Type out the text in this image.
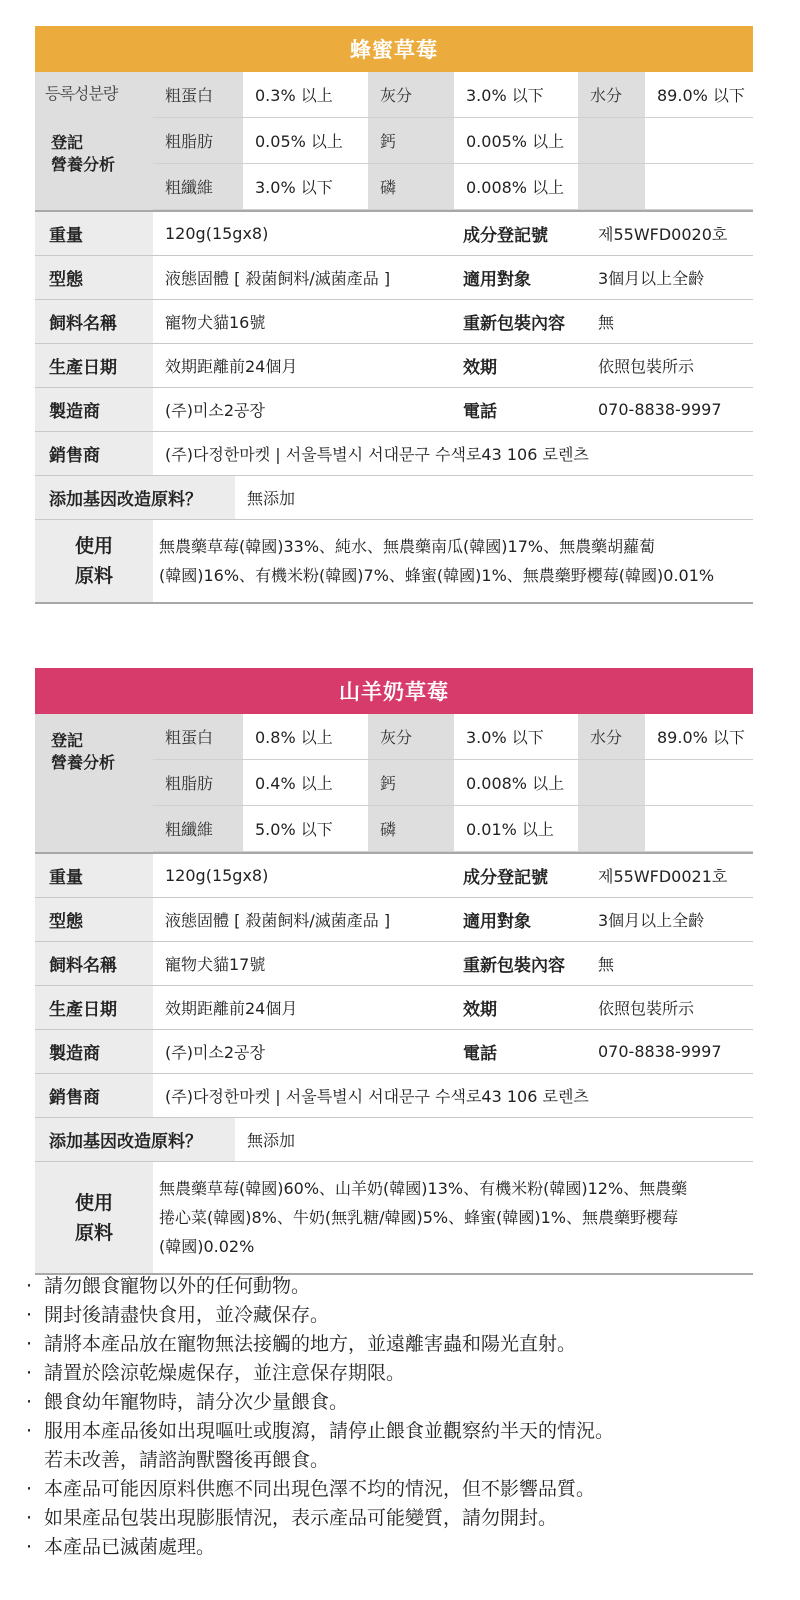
蜂蜜草莓

등록성분량

登記
營養分析

粗蛋白	0.3% 以上	灰分	3.0% 以下	水分	89.0% 以下
粗脂肪	0.05% 以上	鈣	0.005% 以上
粗纖維	3.0% 以下	磷	0.008% 以上
重量	120g(15gx8)	成分登記號	제55WFD0020호
型態	液態固體 [ 殺菌飼料/滅菌產品 ]	適用對象	3個月以上全齡
飼料名稱	寵物犬貓16號	重新包裝內容	無
生產日期	效期距離前24個月	效期	依照包裝所示
製造商	(주)미소2공장	電話	070-8838-9997
銷售商	(주)다정한마켓 | 서울특별시 서대문구 수색로43 106 로렌츠
添加基因改造原料？	無添加
使用
原料
無農藥草莓(韓國)33%、純水、無農藥南瓜(韓國)17%、無農藥胡蘿蔔
(韓國)16%、有機米粉(韓國)7%、蜂蜜(韓國)1%、無農藥野櫻莓(韓國)0.01%
山羊奶草莓
登記
營養分析
粗蛋白	0.8% 以上	灰分	3.0% 以下	水分	89.0% 以下
粗脂肪	0.4% 以上	鈣	0.008% 以上
粗纖維	5.0% 以下	磷	0.01% 以上
重量	120g(15gx8)	成分登記號	제55WFD0021호
型態	液態固體 [ 殺菌飼料/滅菌產品 ]	適用對象	3個月以上全齡
飼料名稱	寵物犬貓17號	重新包裝內容	無
生產日期	效期距離前24個月	效期	依照包裝所示
製造商	(주)미소2공장	電話	070-8838-9997
銷售商	(주)다정한마켓 | 서울특별시 서대문구 수색로43 106 로렌츠
添加基因改造原料？	無添加
使用
原料
無農藥草莓(韓國)60%、山羊奶(韓國)13%、有機米粉(韓國)12%、無農藥
捲心菜(韓國)8%、牛奶(無乳糖/韓國)5%、蜂蜜(韓國)1%、無農藥野櫻莓
(韓國)0.02%
· 請勿餵食寵物以外的任何動物。
· 開封後請盡快食用，並冷藏保存。
· 請將本產品放在寵物無法接觸的地方，並遠離害蟲和陽光直射。
· 請置於陰涼乾燥處保存，並注意保存期限。
· 餵食幼年寵物時，請分次少量餵食。
· 服用本產品後如出現嘔吐或腹瀉，請停止餵食並觀察約半天的情況。
若未改善，請諮詢獸醫後再餵食。
· 本產品可能因原料供應不同出現色澤不均的情況，但不影響品質。
· 如果產品包裝出現膨脹情況，表示產品可能變質，請勿開封。
· 本產品已滅菌處理。
